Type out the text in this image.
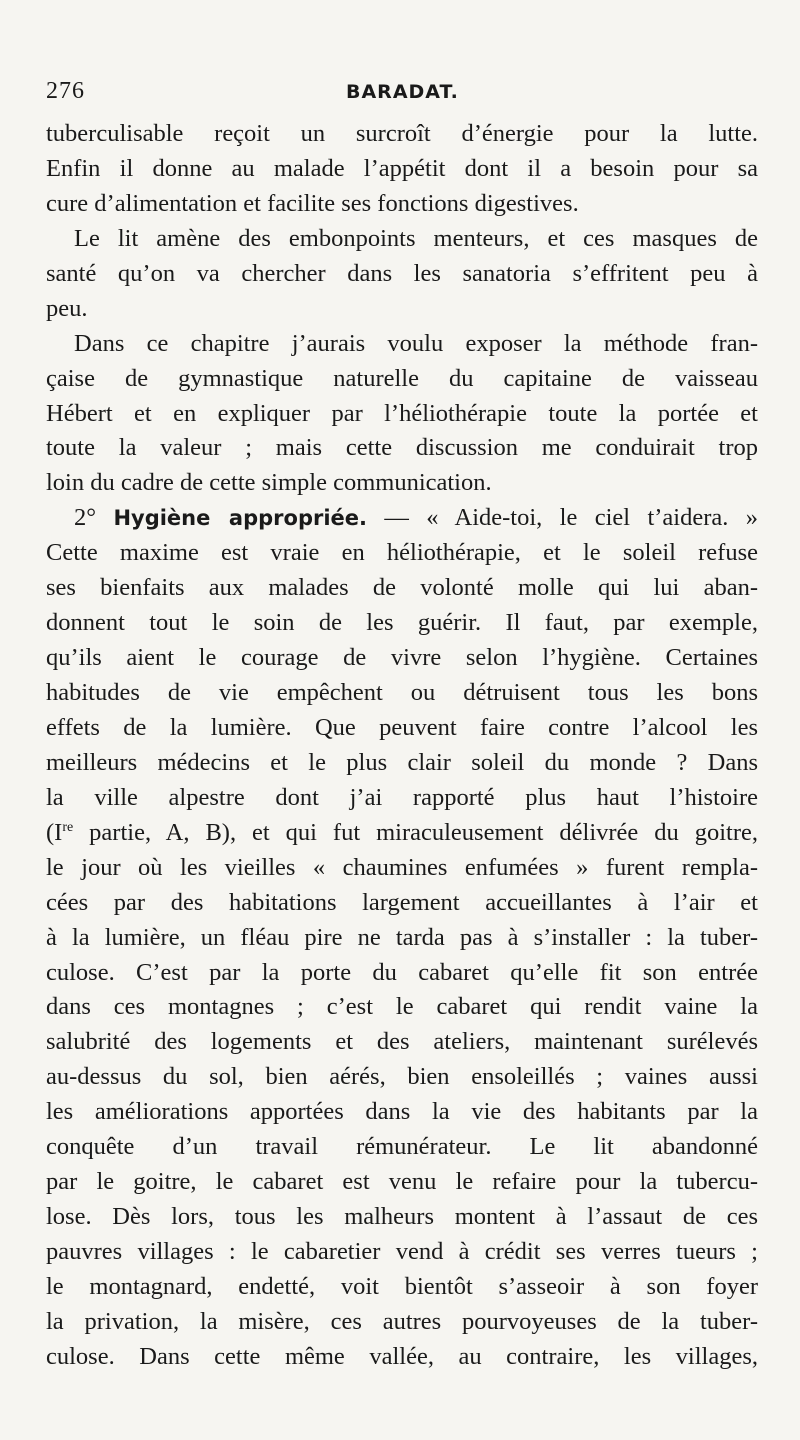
276	BARADAT.
tuberculisable reçoit un surcroît d’énergie pour la lutte.
Enfin il donne au malade l’appétit dont il a besoin pour sa
cure d’alimentation et facilite ses fonctions digestives.
Le lit amène des embonpoints menteurs, et ces masques de
santé qu’on va chercher dans les sanatoria s’effritent peu à
peu.
Dans ce chapitre j’aurais voulu exposer la méthode fran-
çaise de gymnastique naturelle du capitaine de vaisseau
Hébert et en expliquer par l’héliothérapie toute la portée et
toute la valeur ; mais cette discussion me conduirait trop
loin du cadre de cette simple communication.
2° Hygiène appropriée. — « Aide-toi, le ciel t’aidera. »
Cette maxime est vraie en héliothérapie, et le soleil refuse
ses bienfaits aux malades de volonté molle qui lui aban-
donnent tout le soin de les guérir. Il faut, par exemple,
qu’ils aient le courage de vivre selon l’hygiène. Certaines
habitudes de vie empêchent ou détruisent tous les bons
effets de la lumière. Que peuvent faire contre l’alcool les
meilleurs médecins et le plus clair soleil du monde ? Dans
la ville alpestre dont j’ai rapporté plus haut l’histoire
(Ire partie, A, B), et qui fut miraculeusement délivrée du goitre,
le jour où les vieilles « chaumines enfumées » furent rempla-
cées par des habitations largement accueillantes à l’air et
à la lumière, un fléau pire ne tarda pas à s’installer : la tuber-
culose. C’est par la porte du cabaret qu’elle fit son entrée
dans ces montagnes ; c’est le cabaret qui rendit vaine la
salubrité des logements et des ateliers, maintenant surélevés
au-dessus du sol, bien aérés, bien ensoleillés ; vaines aussi
les améliorations apportées dans la vie des habitants par la
conquête d’un travail rémunérateur. Le lit abandonné
par le goitre, le cabaret est venu le refaire pour la tubercu-
lose. Dès lors, tous les malheurs montent à l’assaut de ces
pauvres villages : le cabaretier vend à crédit ses verres tueurs ;
le montagnard, endetté, voit bientôt s’asseoir à son foyer
la privation, la misère, ces autres pourvoyeuses de la tuber-
culose. Dans cette même vallée, au contraire, les villages,
